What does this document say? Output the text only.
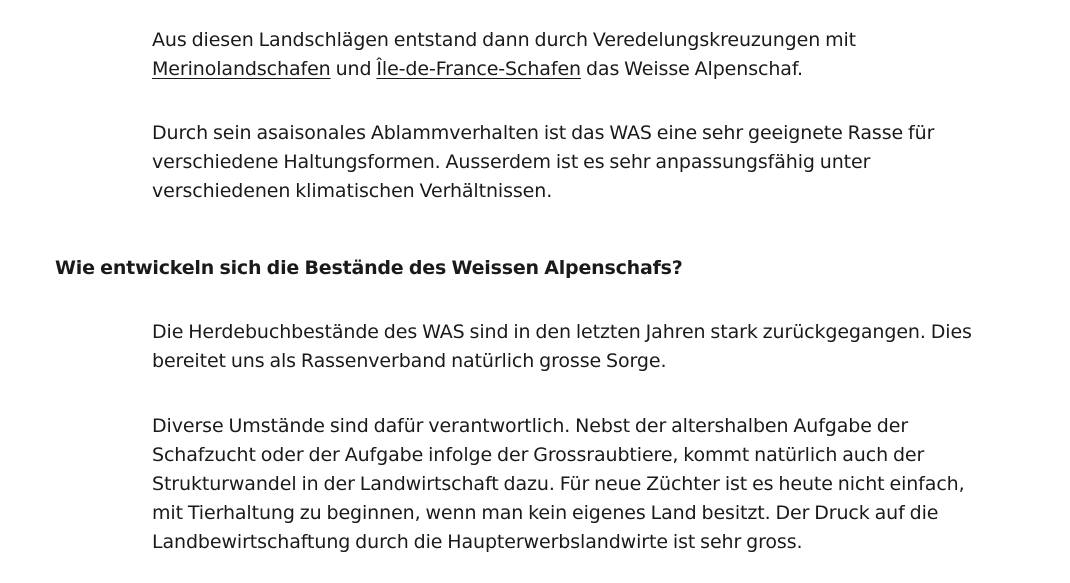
Aus diesen Landschlägen entstand dann durch Veredelungskreuzungen mit
Merinolandschafen und Île-de-France-Schafen das Weisse Alpenschaf.

Durch sein asaisonales Ablammverhalten ist das WAS eine sehr geeignete Rasse für
verschiedene Haltungsformen. Ausserdem ist es sehr anpassungsfähig unter
verschiedenen klimatischen Verhältnissen.

Wie entwickeln sich die Bestände des Weissen Alpenschafs?

Die Herdebuchbestände des WAS sind in den letzten Jahren stark zurückgegangen. Dies
bereitet uns als Rassenverband natürlich grosse Sorge.

Diverse Umstände sind dafür verantwortlich. Nebst der altershalben Aufgabe der
Schafzucht oder der Aufgabe infolge der Grossraubtiere, kommt natürlich auch der
Strukturwandel in der Landwirtschaft dazu. Für neue Züchter ist es heute nicht einfach,
mit Tierhaltung zu beginnen, wenn man kein eigenes Land besitzt. Der Druck auf die
Landbewirtschaftung durch die Haupterwerbslandwirte ist sehr gross.
